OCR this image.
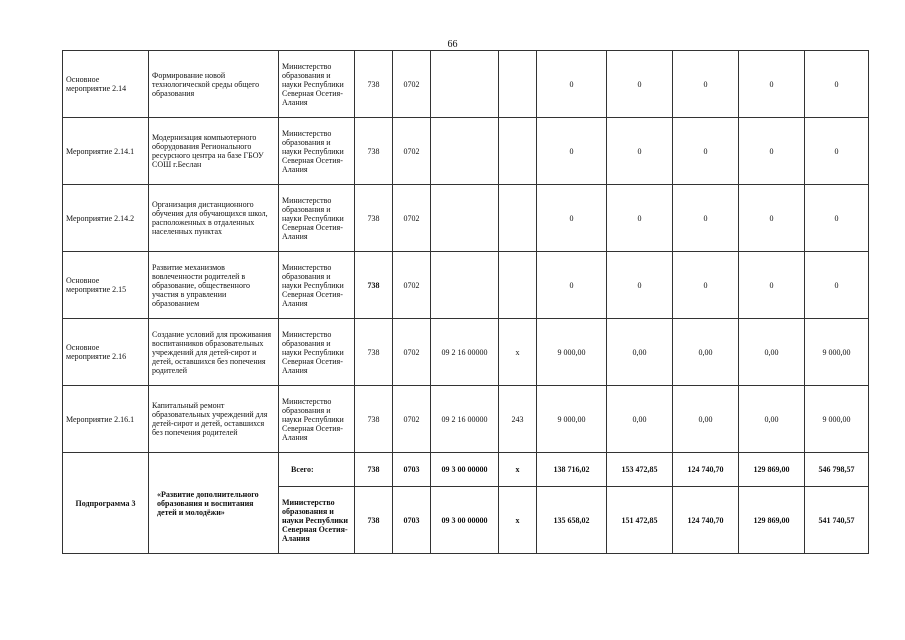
66
Основное мероприятие 2.14	Формирование новой технологической среды общего образования	Министерство образования и науки Республики Северная Осетия-Алания	738	0702			0	0	0	0	0
Мероприятие 2.14.1	Модернизация компьютерного оборудования Регионального ресурсного центра на базе ГБОУ СОШ г.Беслан	Министерство образования и науки Республики Северная Осетия-Алания	738	0702			0	0	0	0	0
Мероприятие 2.14.2	Организация дистанционного обучения для обучающихся школ, расположенных в отдаленных населенных пунктах	Министерство образования и науки Республики Северная Осетия-Алания	738	0702			0	0	0	0	0
Основное мероприятие 2.15	Развитие механизмов вовлеченности родителей в образование, общественного участия в управлении образованием	Министерство образования и науки Республики Северная Осетия-Алания	738	0702			0	0	0	0	0
Основное мероприятие 2.16	Создание условий для проживания воспитанников образовательных учреждений для детей-сирот и детей, оставшихся без попечения родителей	Министерство образования и науки Республики Северная Осетия-Алания	738	0702	09 2 16 00000	x	9 000,00	0,00	0,00	0,00	9 000,00
Мероприятие 2.16.1	Капитальный ремонт образовательных учреждений для детей-сирот и детей, оставшихся без попечения родителей	Министерство образования и науки Республики Северная Осетия-Алания	738	0702	09 2 16 00000	243	9 000,00	0,00	0,00	0,00	9 000,00
Подпрограмма 3	«Развитие дополнительного образования и воспитания детей и молодёжи»	Всего:	738	0703	09 3 00 00000	x	138 716,02	153 472,85	124 740,70	129 869,00	546 798,57
		Министерство образования и науки Республики Северная Осетия-Алания	738	0703	09 3 00 00000	x	135 658,02	151 472,85	124 740,70	129 869,00	541 740,57
